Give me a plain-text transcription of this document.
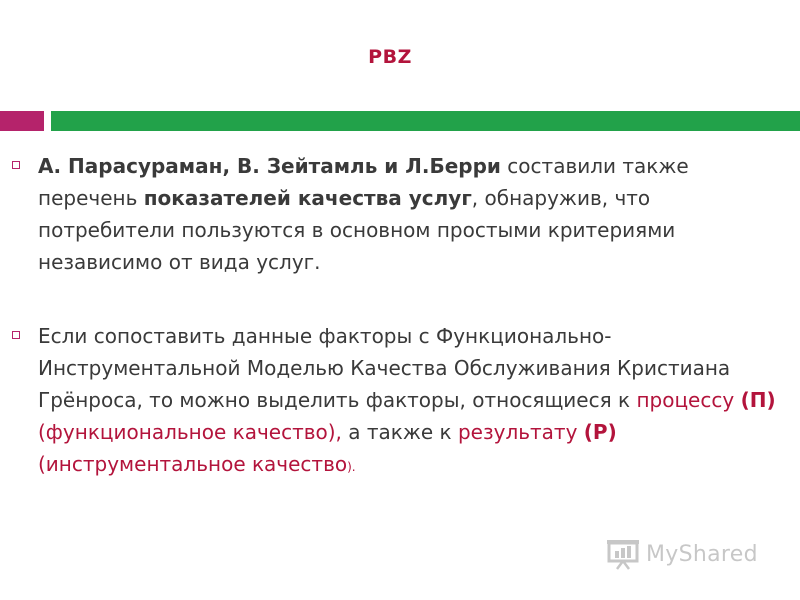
PBZ

А. Парасураман, В. Зейтамль и Л.Берри составили также перечень показателей качества услуг, обнаружив, что потребители пользуются в основном простыми критериями независимо от вида услуг.

Если сопоставить данные факторы с Функционально-Инструментальной Моделью Качества Обслуживания Кристиана Грёнроса, то можно выделить факторы, относящиеся к процессу (П) (функциональное качество), а также к результату (Р) (инструментальное качество).

MyShared
